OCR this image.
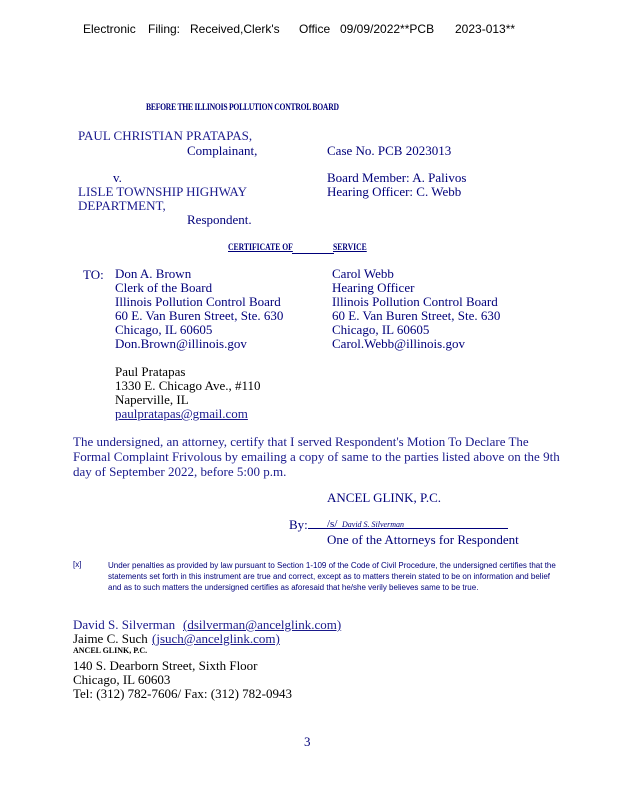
Electronic Filing: Received,Clerk's Office 09/09/2022**PCB 2023-013**
BEFORE THE ILLINOIS POLLUTION CONTROL BOARD
PAUL CHRISTIAN PRATAPAS,
Complainant,	Case No. PCB 2023013
v.	Board Member: A. Palivos
LISLE TOWNSHIP HIGHWAY	Hearing Officer: C. Webb
DEPARTMENT,
Respondent.
CERTIFICATE OF	SERVICE
TO: Don A. Brown
Clerk of the Board
Illinois Pollution Control Board
60 E. Van Buren Street, Ste. 630
Chicago, IL 60605
Don.Brown@illinois.gov
Carol Webb
Hearing Officer
Illinois Pollution Control Board
60 E. Van Buren Street, Ste. 630
Chicago, IL 60605
Carol.Webb@illinois.gov
Paul Pratapas
1330 E. Chicago Ave., #110
Naperville, IL
paulpratapas@gmail.com
The undersigned, an attorney, certify that I served Respondent's Motion To Declare The Formal Complaint Frivolous by emailing a copy of same to the parties listed above on the 9th day of September 2022, before 5:00 p.m.
ANCEL GLINK, P.C.
By: /s/ David S. Silverman
One of the Attorneys for Respondent
[x]	Under penalties as provided by law pursuant to Section 1-109 of the Code of Civil Procedure, the undersigned certifies that the statements set forth in this instrument are true and correct, except as to matters therein stated to be on information and belief and as to such matters the undersigned certifies as aforesaid that he/she verily believes same to be true.
David S. Silverman (dsilverman@ancelglink.com)
Jaime C. Such (jsuch@ancelglink.com)
ANCEL GLINK, P.C.
140 S. Dearborn Street, Sixth Floor
Chicago, IL 60603
Tel: (312) 782-7606/ Fax: (312) 782-0943
3
